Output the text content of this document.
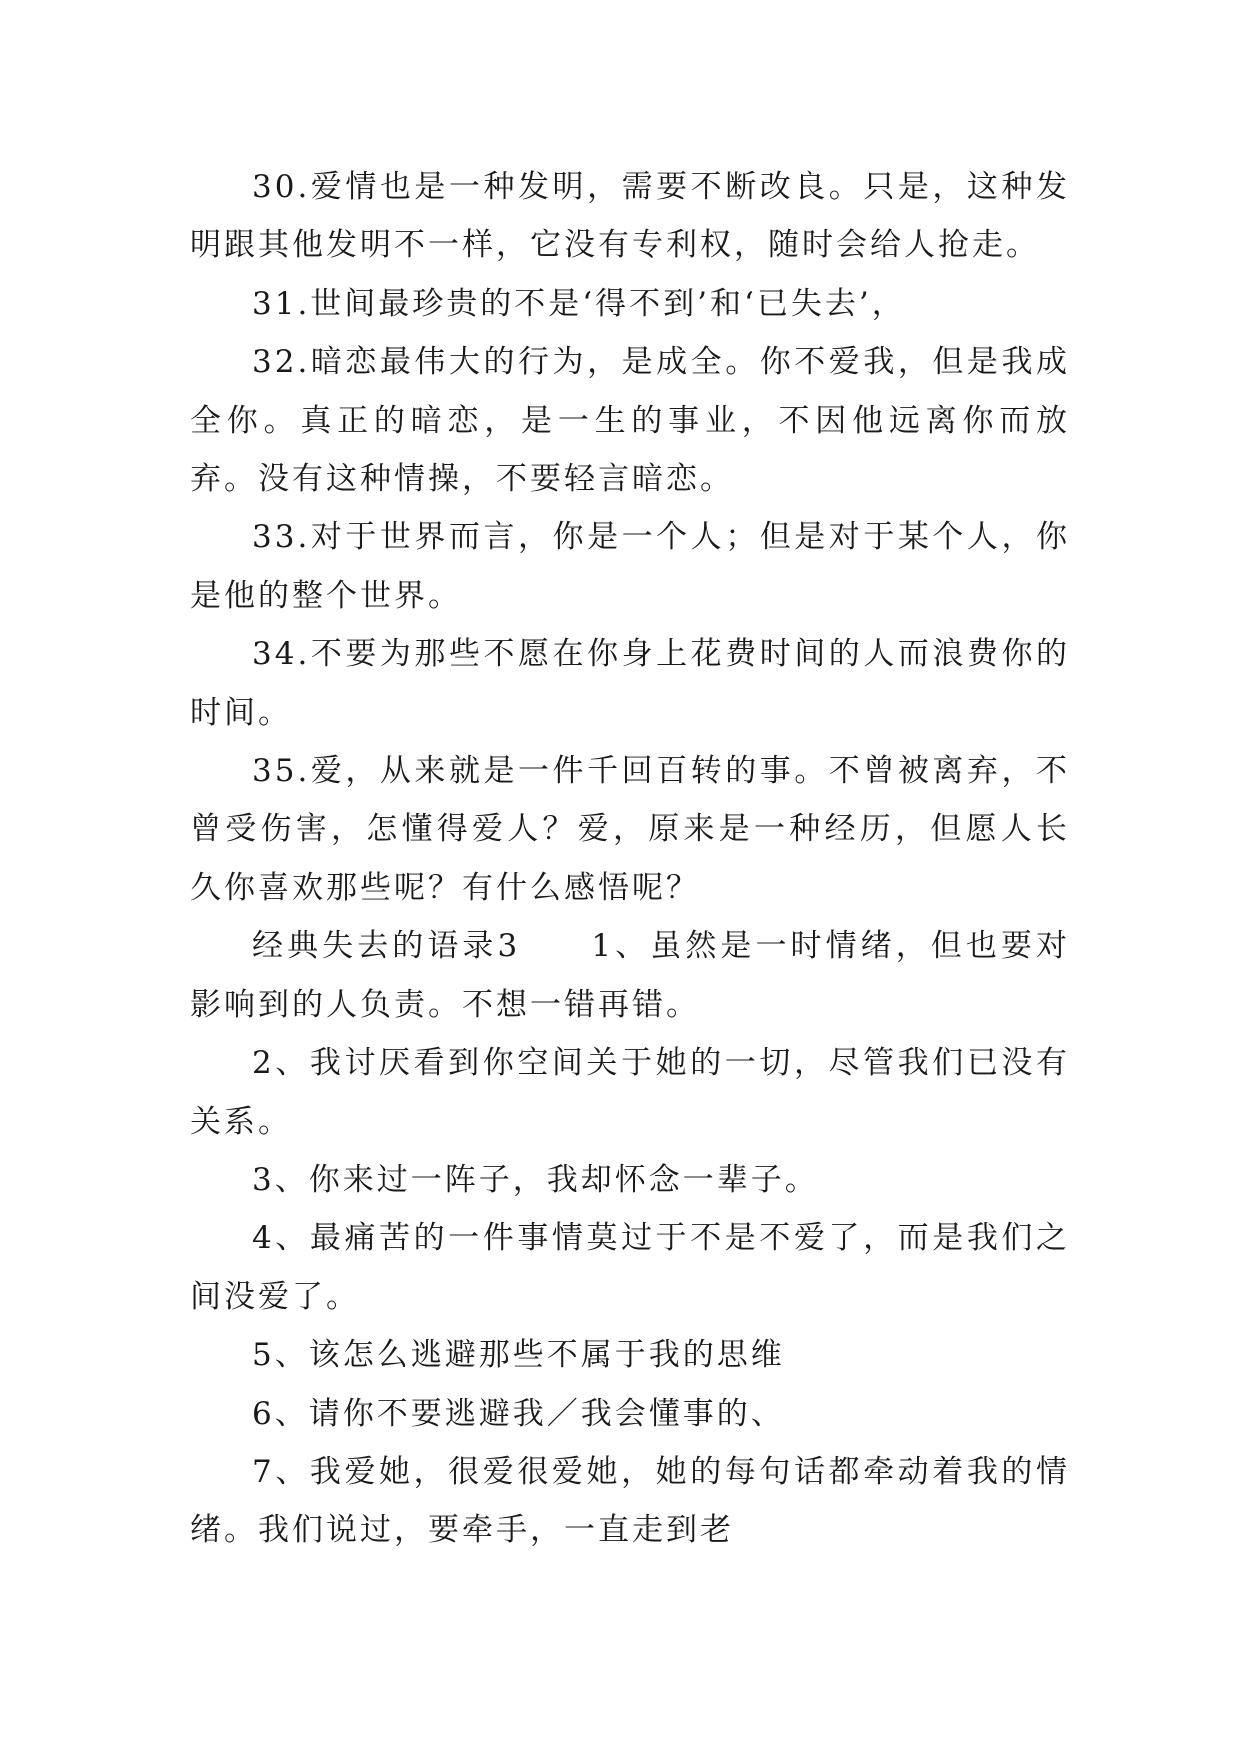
30.爱情也是一种发明，需要不断改良。只是，这种发明跟其他发明不一样，它没有专利权，随时会给人抢走。

31.世间最珍贵的不是‘得不到’和‘已失去’，

32.暗恋最伟大的行为，是成全。你不爱我，但是我成全你。真正的暗恋，是一生的事业，不因他远离你而放弃。没有这种情操，不要轻言暗恋。

33.对于世界而言，你是一个人；但是对于某个人，你是他的整个世界。

34.不要为那些不愿在你身上花费时间的人而浪费你的时间。

35.爱，从来就是一件千回百转的事。不曾被离弃，不曾受伤害，怎懂得爱人？爱，原来是一种经历，但愿人长久你喜欢那些呢？有什么感悟呢？

经典失去的语录3　　1、虽然是一时情绪，但也要对影响到的人负责。不想一错再错。

2、我讨厌看到你空间关于她的一切，尽管我们已没有关系。

3、你来过一阵子，我却怀念一辈子。

4、最痛苦的一件事情莫过于不是不爱了，而是我们之间没爱了。

5、该怎么逃避那些不属于我的思维

6、请你不要逃避我／我会懂事的、

7、我爱她，很爱很爱她，她的每句话都牵动着我的情绪。我们说过，要牵手，一直走到老
